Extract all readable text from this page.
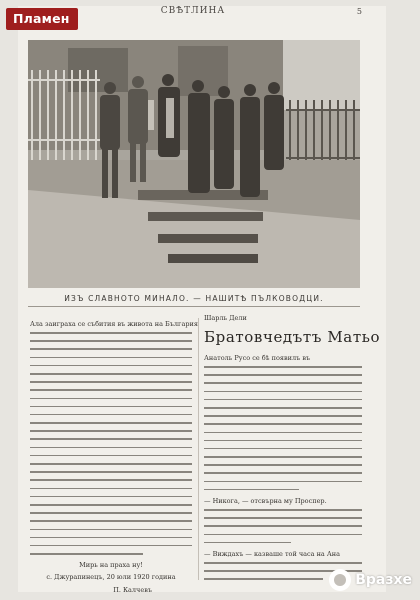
СВѢТЛИНА	5
ИЗЪ СЛАВНОТО МИНАЛО. — НАШИТѢ ПЪЛКОВОДЦИ.
Ала заиграха се събития въ живота на България
Мирь на праха ну!
с. Джурапинецъ, 20 юли 1920 година
П. Калчевъ
Шарль Дели
Братовчедътъ Матьо
Анатоль Русо се бѣ появилъ въ
— Никога, — отсвърна му Проспер.
— Виждахъ — казваше той часа на Ана
Пламен
Вразхе
